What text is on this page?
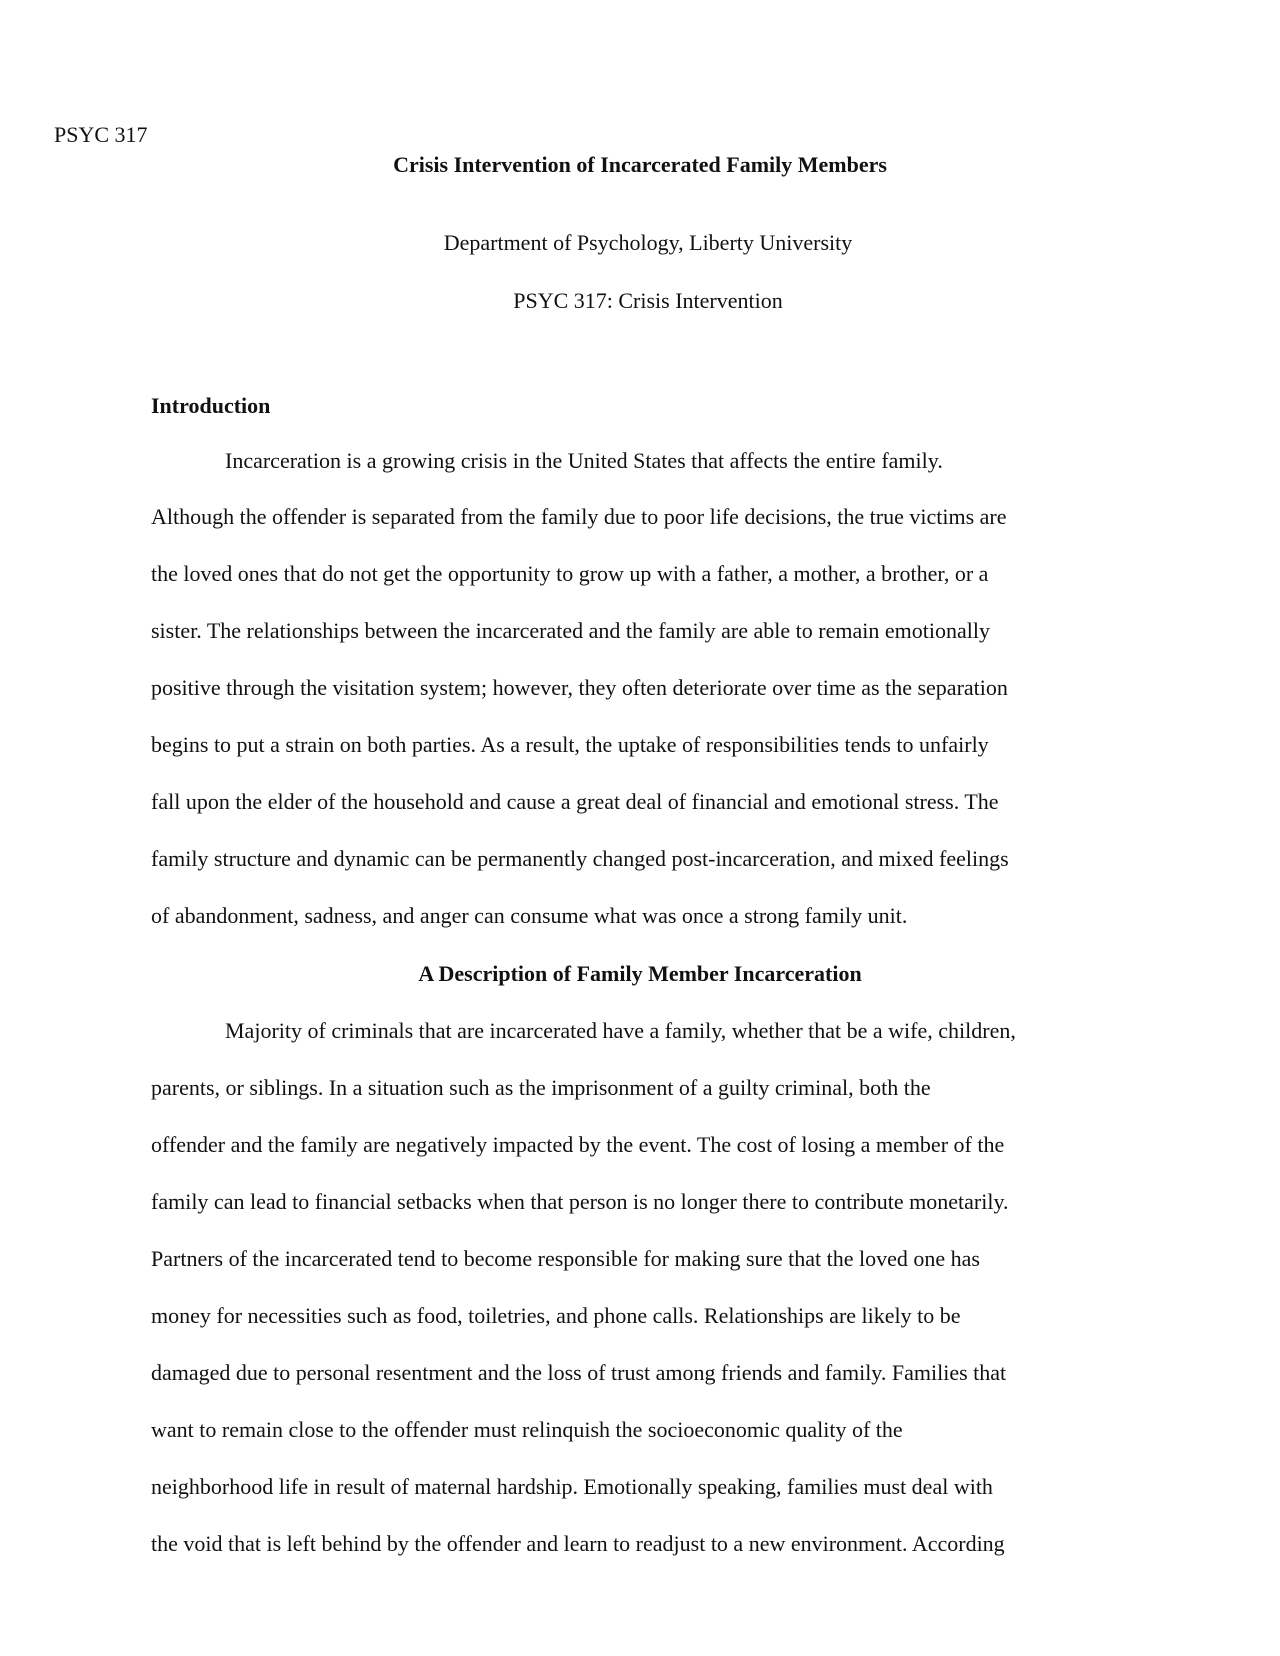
PSYC 317
Crisis Intervention of Incarcerated Family Members
Department of Psychology, Liberty University
PSYC 317: Crisis Intervention
Introduction
Incarceration is a growing crisis in the United States that affects the entire family.
Although the offender is separated from the family due to poor life decisions, the true victims are
the loved ones that do not get the opportunity to grow up with a father, a mother, a brother, or a
sister. The relationships between the incarcerated and the family are able to remain emotionally
positive through the visitation system; however, they often deteriorate over time as the separation
begins to put a strain on both parties. As a result, the uptake of responsibilities tends to unfairly
fall upon the elder of the household and cause a great deal of financial and emotional stress. The
family structure and dynamic can be permanently changed post-incarceration, and mixed feelings
of abandonment, sadness, and anger can consume what was once a strong family unit.
A Description of Family Member Incarceration
Majority of criminals that are incarcerated have a family, whether that be a wife, children,
parents, or siblings. In a situation such as the imprisonment of a guilty criminal, both the
offender and the family are negatively impacted by the event. The cost of losing a member of the
family can lead to financial setbacks when that person is no longer there to contribute monetarily.
Partners of the incarcerated tend to become responsible for making sure that the loved one has
money for necessities such as food, toiletries, and phone calls. Relationships are likely to be
damaged due to personal resentment and the loss of trust among friends and family. Families that
want to remain close to the offender must relinquish the socioeconomic quality of the
neighborhood life in result of maternal hardship. Emotionally speaking, families must deal with
the void that is left behind by the offender and learn to readjust to a new environment. According
